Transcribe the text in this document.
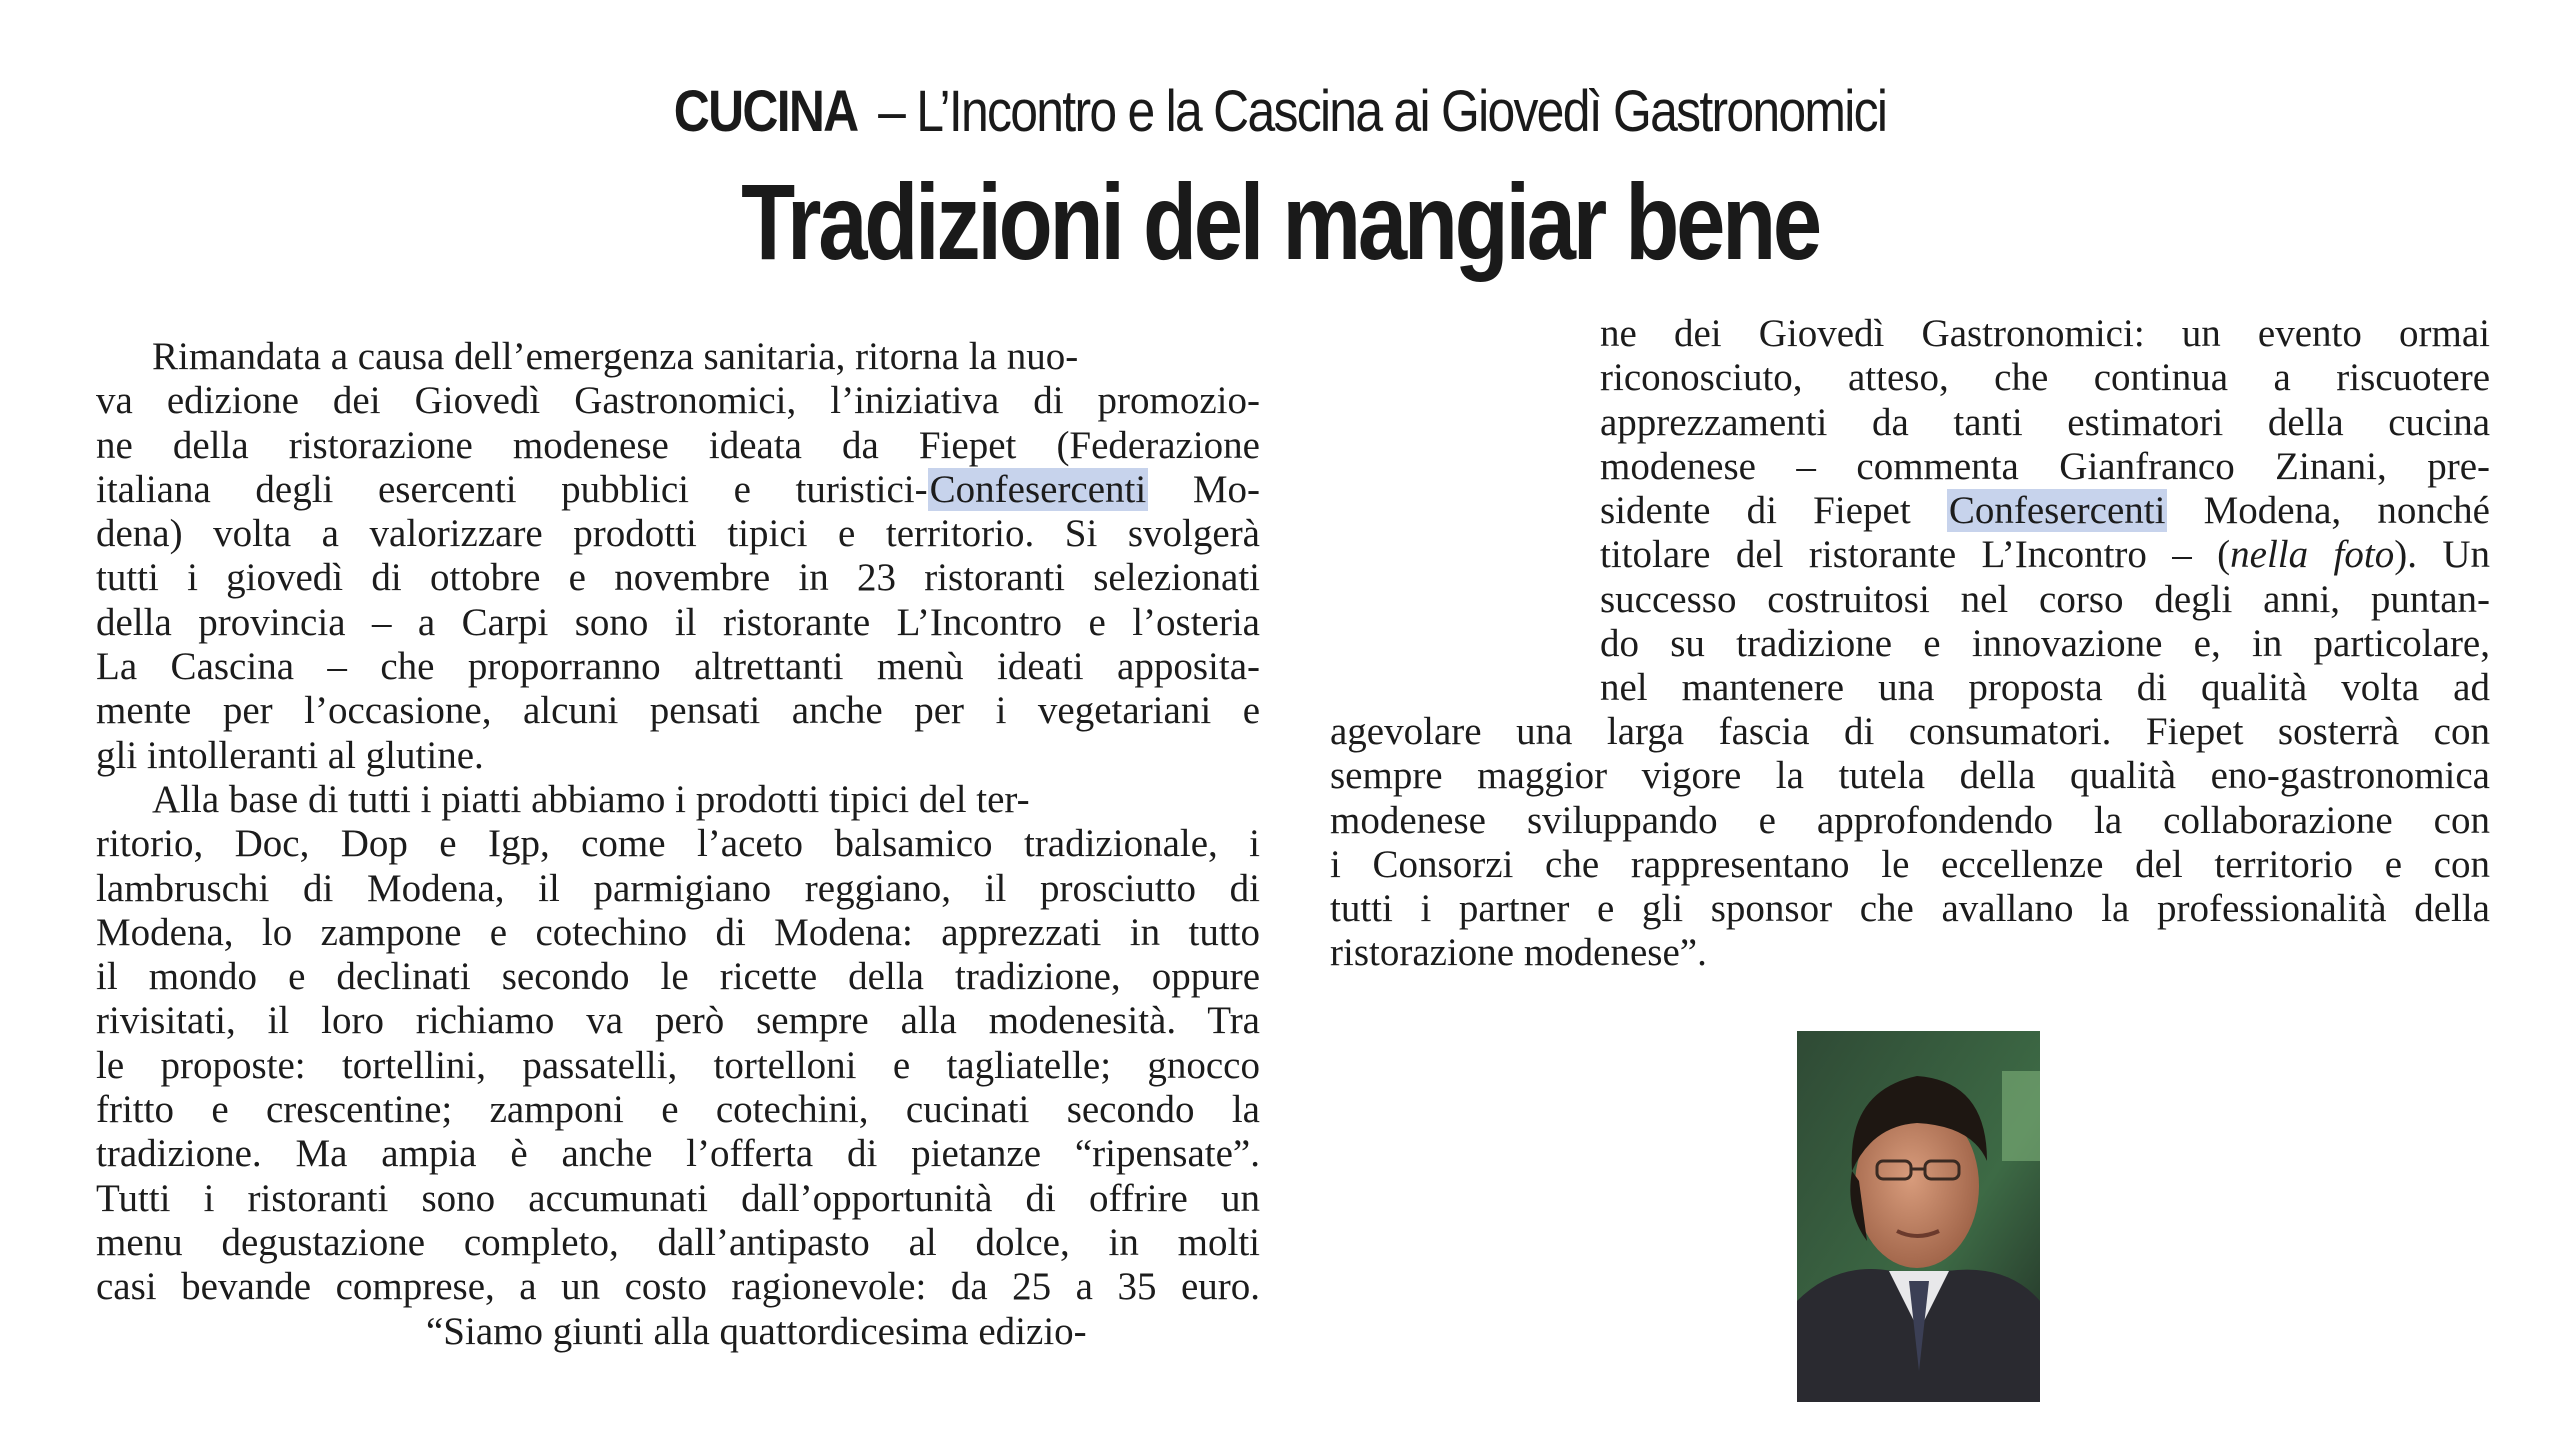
CUCINA – L’Incontro e la Cascina ai Giovedì Gastronomici
Tradizioni del mangiar bene
Rimandata a causa dell’emergenza sanitaria, ritorna la nuo-
va edizione dei Giovedì Gastronomici, l’iniziativa di promozio-
ne della ristorazione modenese ideata da Fiepet (Federazione
italiana degli esercenti pubblici e turistici-Confesercenti Mo-
dena) volta a valorizzare prodotti tipici e territorio. Si svolgerà
tutti i giovedì di ottobre e novembre in 23 ristoranti selezionati
della provincia – a Carpi sono il ristorante L’Incontro e l’osteria
La Cascina – che proporranno altrettanti menù ideati apposita-
mente per l’occasione, alcuni pensati anche per i vegetariani e
gli intolleranti al glutine.
Alla base di tutti i piatti abbiamo i prodotti tipici del ter-
ritorio, Doc, Dop e Igp, come l’aceto balsamico tradizionale, i
lambruschi di Modena, il parmigiano reggiano, il prosciutto di
Modena, lo zampone e cotechino di Modena: apprezzati in tutto
il mondo e declinati secondo le ricette della tradizione, oppure
rivisitati, il loro richiamo va però sempre alla modenesità. Tra
le proposte: tortellini, passatelli, tortelloni e tagliatelle; gnocco
fritto e crescentine; zamponi e cotechini, cucinati secondo la
tradizione. Ma ampia è anche l’offerta di pietanze “ripensate”.
Tutti i ristoranti sono accumunati dall’opportunità di offrire un
menu degustazione completo, dall’antipasto al dolce, in molti
casi bevande comprese, a un costo ragionevole: da 25 a 35 euro.
“Siamo giunti alla quattordicesima edizio-
ne dei Giovedì Gastronomici: un evento ormai
riconosciuto, atteso, che continua a riscuotere
apprezzamenti da tanti estimatori della cucina
modenese – commenta Gianfranco Zinani, pre-
sidente di Fiepet Confesercenti Modena, nonché
titolare del ristorante L’Incontro – (nella foto). Un
successo costruitosi nel corso degli anni, puntan-
do su tradizione e innovazione e, in particolare,
nel mantenere una proposta di qualità volta ad
agevolare una larga fascia di consumatori. Fiepet sosterrà con
sempre maggior vigore la tutela della qualità eno-gastronomica
modenese sviluppando e approfondendo la collaborazione con
i Consorzi che rappresentano le eccellenze del territorio e con
tutti i partner e gli sponsor che avallano la professionalità della
ristorazione modenese”.
